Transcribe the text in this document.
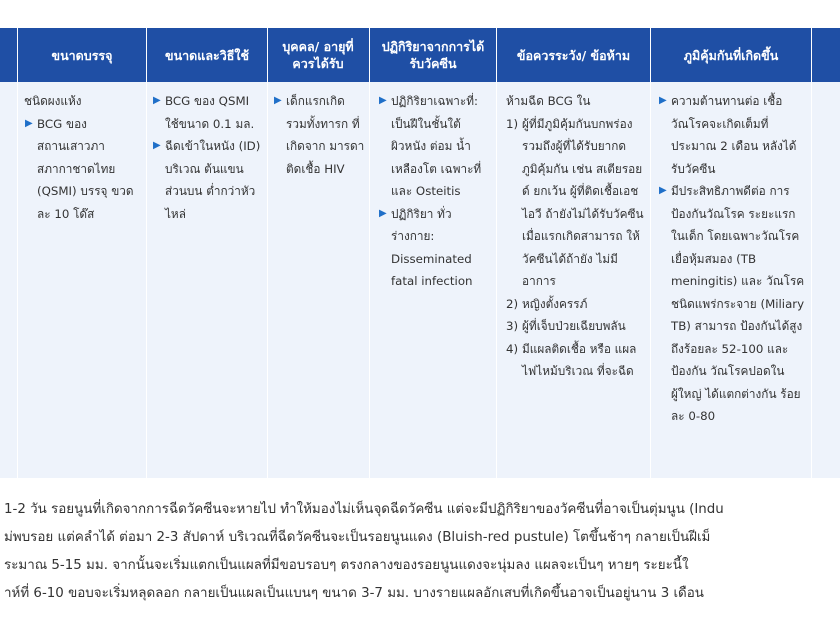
ขนาดบรรจุ	ขนาดและวิธีใช้
บุคคล/ อายุที่ควรได้รับ
ปฏิกิริยาจากการได้รับวัคซีน
ข้อควรระวัง/ ข้อห้าม	ภูมิคุ้มกันที่เกิดขึ้น
ชนิดผงแห้ง
▶ BCG ของสถานเสาวภา สภากาชาดไทย (QSMI) บรรจุ ขวดละ 10 โด๊ส
▶ BCG ของ QSMI ใช้ขนาด 0.1 มล.
▶ ฉีดเข้าในหนัง (ID) บริเวณ ต้นแขนส่วนบน ต่ำกว่าหัวไหล่
▶ เด็กแรกเกิด รวมทั้งทารก ที่เกิดจาก มารดาติดเชื้อ HIV
▶ ปฏิกิริยาเฉพาะที่: เป็นฝีในชั้นใต้ ผิวหนัง ต่อม น้ำเหลืองโต เฉพาะที่ และ Osteitis
▶ ปฏิกิริยา ทั่วร่างกาย: Disseminated fatal infection
ห้ามฉีด BCG ใน
1) ผู้ที่มีภูมิคุ้มกันบกพร่อง รวมถึงผู้ที่ได้รับยากด ภูมิคุ้มกัน เช่น สเตียรอยด์ ยกเว้น ผู้ที่ติดเชื้อเอชไอวี ถ้ายังไม่ได้รับวัคซีน เมื่อแรกเกิดสามารถ ให้วัคซีนได้ถ้ายัง ไม่มีอาการ
2) หญิงตั้งครรภ์
3) ผู้ที่เจ็บป่วยเฉียบพลัน
4) มีแผลติดเชื้อ หรือ แผลไฟไหม้บริเวณ ที่จะฉีด
▶ ความต้านทานต่อ เชื้อวัณโรคจะเกิดเต็มที่ ประมาณ 2 เดือน หลังได้รับวัคซีน
▶ มีประสิทธิภาพดีต่อ การป้องกันวัณโรค ระยะแรกในเด็ก โดยเฉพาะวัณโรค เยื่อหุ้มสมอง (TB meningitis) และ วัณโรคชนิดแพร่กระจาย (Miliary TB) สามารถ ป้องกันได้สูงถึงร้อยละ 52-100 และป้องกัน วัณโรคปอดในผู้ใหญ่ ได้แตกต่างกัน ร้อยละ 0-80
1-2 วัน รอยนูนที่เกิดจากการฉีดวัคซีนจะหายไป ทำให้มองไม่เห็นจุดฉีดวัคซีน แต่จะมีปฏิกิริยาของวัคซีนที่อาจเป็นตุ่มนูน (Indu
ม่พบรอย แต่คลำได้ ต่อมา 2-3 สัปดาห์ บริเวณที่ฉีดวัคซีนจะเป็นรอยนูนแดง (Bluish-red pustule) โตขึ้นช้าๆ กลายเป็นฝีเม็
ระมาณ 5-15 มม. จากนั้นจะเริ่มแตกเป็นแผลที่มีขอบรอบๆ ตรงกลางของรอยนูนแดงจะนุ่มลง แผลจะเป็นๆ หายๆ ระยะนี้ใ
าห์ที่ 6-10 ขอบจะเริ่มหลุดลอก กลายเป็นแผลเป็นแบนๆ ขนาด 3-7 มม. บางรายแผลอักเสบที่เกิดขึ้นอาจเป็นอยู่นาน 3 เดือน
